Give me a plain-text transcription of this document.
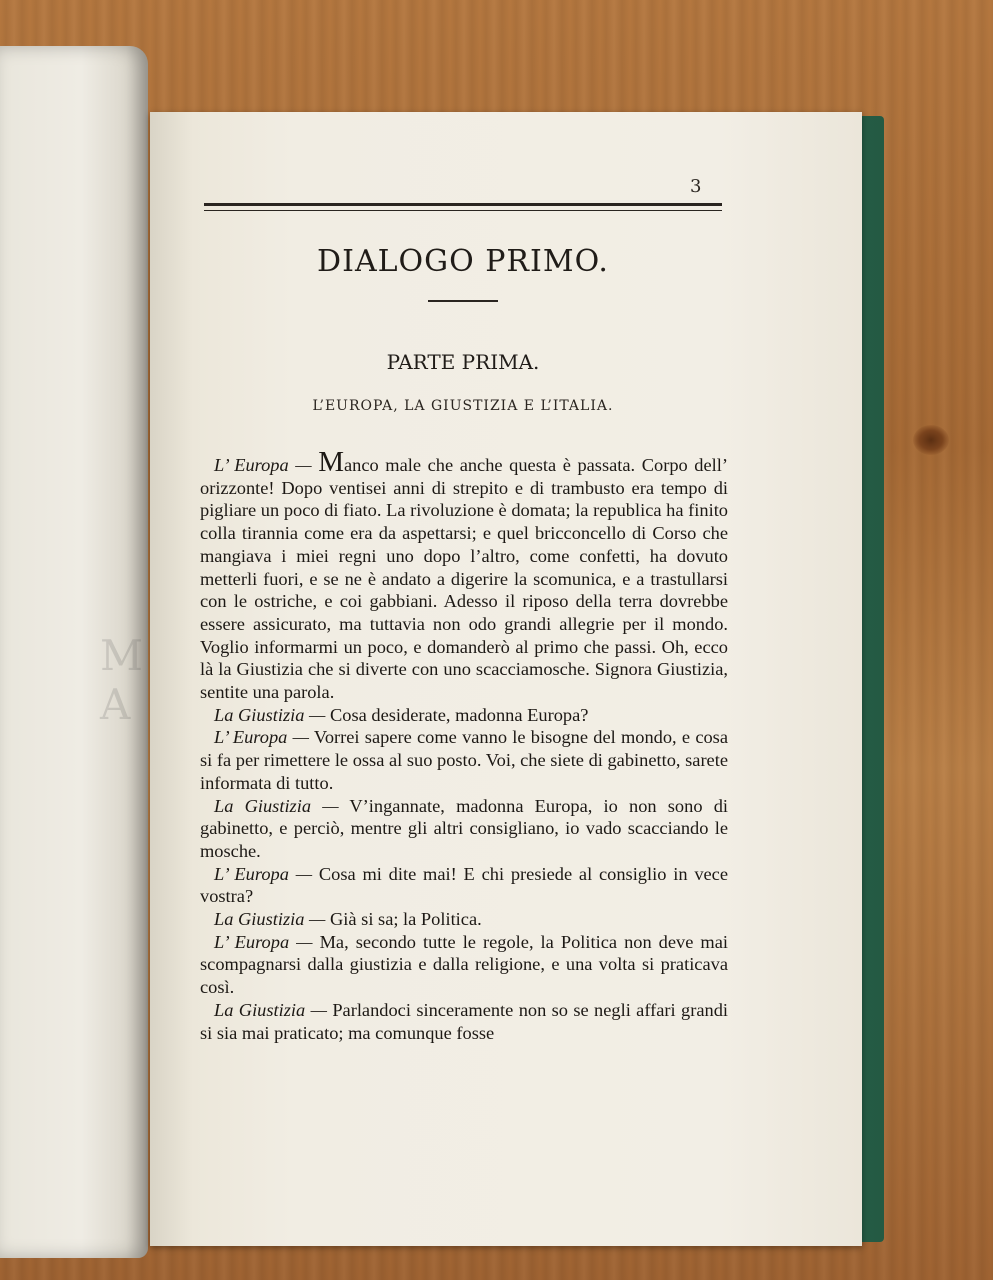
M A
3
DIALOGO PRIMO.
PARTE PRIMA.

L’EUROPA, LA GIUSTIZIA E L’ITALIA.

L’ Europa — Manco male che anche questa è passata. Corpo dell’ orizzonte! Dopo ventisei anni di strepito e di trambusto era tempo di pigliare un poco di fiato. La rivoluzione è domata; la republica ha finito colla tirannia come era da aspettarsi; e quel bricconcello di Corso che mangiava i miei regni uno dopo l’altro, come confetti, ha dovuto metterli fuori, e se ne è andato a digerire la scomunica, e a trastullarsi con le ostriche, e coi gabbiani. Adesso il riposo della terra dovrebbe essere assicurato, ma tuttavia non odo grandi allegrie per il mondo. Voglio informarmi un poco, e domanderò al primo che passi. Oh, ecco là la Giustizia che si diverte con uno scacciamosche. Signora Giustizia, sentite una parola.

La Giustizia — Cosa desiderate, madonna Europa?

L’ Europa — Vorrei sapere come vanno le bisogne del mondo, e cosa si fa per rimettere le ossa al suo posto. Voi, che siete di gabinetto, sarete informata di tutto.

La Giustizia — V’ingannate, madonna Europa, io non sono di gabinetto, e perciò, mentre gli altri consigliano, io vado scacciando le mosche.

L’ Europa — Cosa mi dite mai! E chi presiede al consiglio in vece vostra?

La Giustizia — Già si sa; la Politica.

L’ Europa — Ma, secondo tutte le regole, la Politica non deve mai scompagnarsi dalla giustizia e dalla religione, e una volta si praticava così.

La Giustizia — Parlandoci sinceramente non so se negli affari grandi si sia mai praticato; ma comunque fosse
